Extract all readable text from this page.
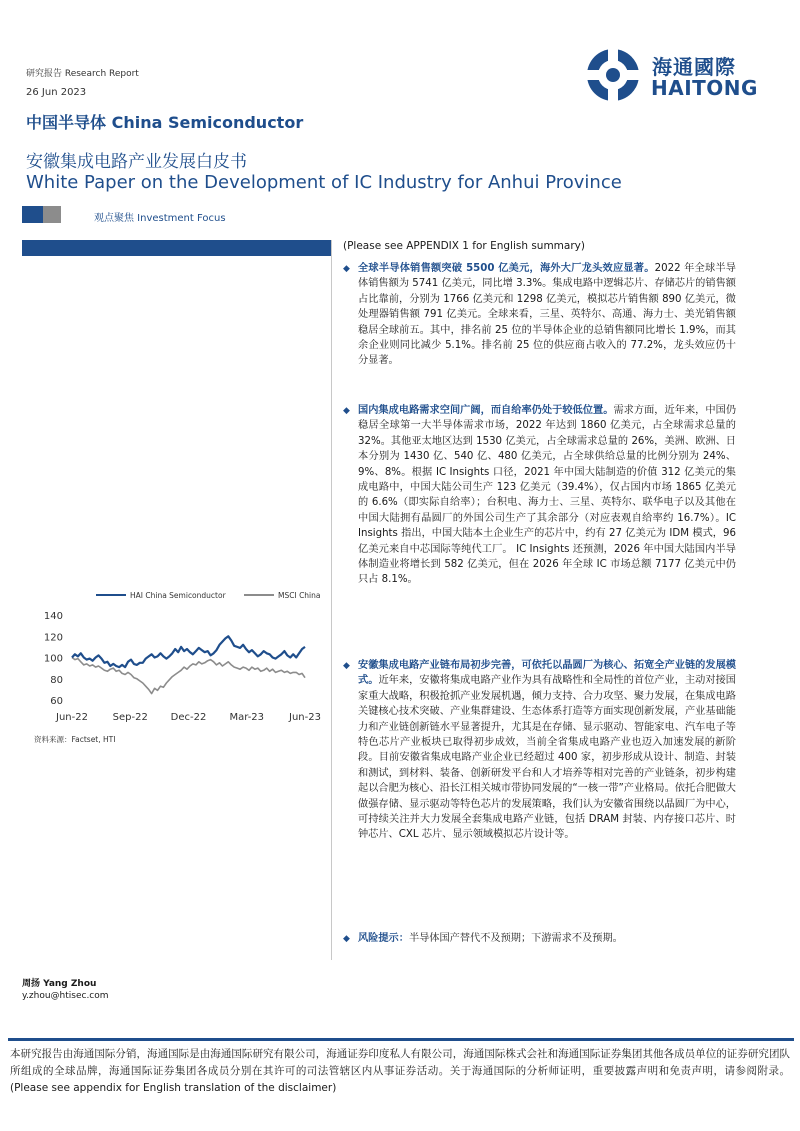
研究报告 Research Report
26 Jun 2023
中国半导体 China Semiconductor
安徽集成电路产业发展白皮书
White Paper on the Development of IC Industry for Anhui Province
观点聚焦 Investment Focus
海通國際
HAITONG
(Please see APPENDIX 1 for English summary)
◆ 全球半导体销售额突破 5500 亿美元，海外大厂龙头效应显著。2022 年全球半导体销售额为 5741 亿美元，同比增 3.3%。集成电路中逻辑芯片、存储芯片的销售额占比靠前，分别为 1766 亿美元和 1298 亿美元，模拟芯片销售额 890 亿美元，微处理器销售额 791 亿美元。全球来看，三星、英特尔、高通、海力士、美光销售额稳居全球前五。其中，排名前 25 位的半导体企业的总销售额同比增长 1.9%，而其余企业则同比减少 5.1%。排名前 25 位的供应商占收入的 77.2%，龙头效应仍十分显著。
◆ 国内集成电路需求空间广阔，而自给率仍处于较低位置。需求方面，近年来，中国仍稳居全球第一大半导体需求市场，2022 年达到 1860 亿美元，占全球需求总量的 32%。其他亚太地区达到 1530 亿美元，占全球需求总量的 26%，美洲、欧洲、日本分别为 1430 亿、540 亿、480 亿美元，占全球供给总量的比例分别为 24%、9%、8%。根据 IC Insights 口径，2021 年中国大陆制造的价值 312 亿美元的集成电路中，中国大陆公司生产 123 亿美元（39.4%），仅占国内市场 1865 亿美元的 6.6%（即实际自给率）；台积电、海力士、三星、英特尔、联华电子以及其他在中国大陆拥有晶圆厂的外国公司生产了其余部分（对应表观自给率约 16.7%）。IC Insights 指出，中国大陆本土企业生产的芯片中，约有 27 亿美元为 IDM 模式，96 亿美元来自中芯国际等纯代工厂。 IC Insights 还预测，2026 年中国大陆国内半导体制造业将增长到 582 亿美元，但在 2026 年全球 IC 市场总额 7177 亿美元中仍只占 8.1%。
◆ 安徽集成电路产业链布局初步完善，可依托以晶圆厂为核心、拓宽全产业链的发展模式。近年来，安徽将集成电路产业作为具有战略性和全局性的首位产业，主动对接国家重大战略，积极抢抓产业发展机遇，倾力支持、合力攻坚、聚力发展，在集成电路关键核心技术突破、产业集群建设、生态体系打造等方面实现创新发展，产业基础能力和产业链创新链水平显著提升，尤其是在存储、显示驱动、智能家电、汽车电子等特色芯片产业板块已取得初步成效，当前全省集成电路产业也迈入加速发展的新阶段。目前安徽省集成电路产业企业已经超过 400 家，初步形成从设计、制造、封装和测试，到材料、装备、创新研发平台和人才培养等相对完善的产业链条，初步构建起以合肥为核心、沿长江相关城市带协同发展的“一核一带”产业格局。依托合肥做大做强存储、显示驱动等特色芯片的发展策略，我们认为安徽省围绕以晶圆厂为中心，可持续关注并大力发展全套集成电路产业链，包括 DRAM 封装、内存接口芯片、时钟芯片、CXL 芯片、显示领域模拟芯片设计等。
◆ 风险提示：半导体国产替代不及预期；下游需求不及预期。
HAI China Semiconductor	MSCI China
60
80
100
120
140
Jun-22 Sep-22 Dec-22 Mar-23 Jun-23
资料来源：Factset, HTI
周扬 Yang Zhou
y.zhou@htisec.com
本研究报告由海通国际分销，海通国际是由海通国际研究有限公司，海通证券印度私人有限公司，海通国际株式会社和海通国际证券集团其他各成员单位的证券研究团队所组成的全球品牌，海通国际证券集团各成员分别在其许可的司法管辖区内从事证券活动。关于海通国际的分析师证明，重要披露声明和免责声明，请参阅附录。(Please see appendix for English translation of the disclaimer)
